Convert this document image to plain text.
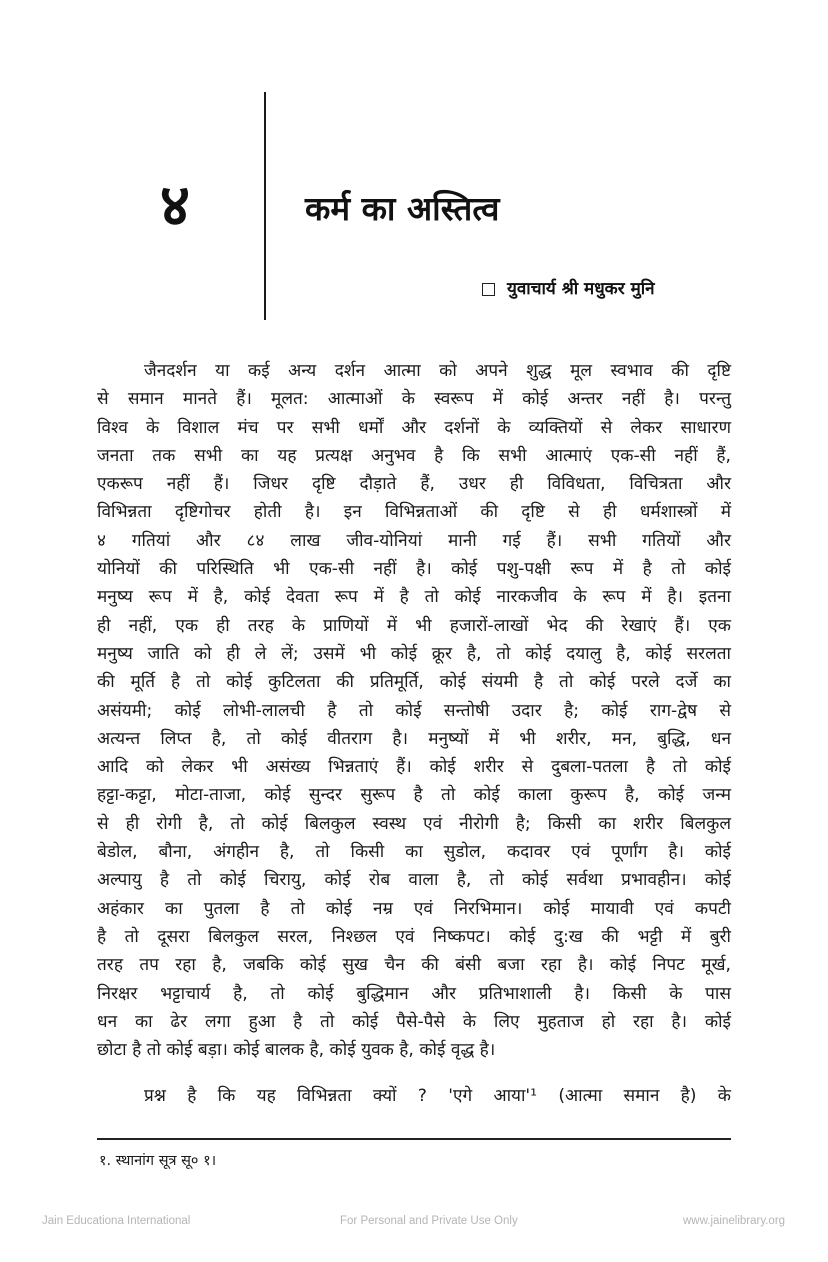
४	कर्म का अस्तित्व
युवाचार्य श्री मधुकर मुनि
जैनदर्शन या कई अन्य दर्शन आत्मा को अपने शुद्ध मूल स्वभाव की दृष्टि
से समान मानते हैं। मूलत: आत्माओं के स्वरूप में कोई अन्तर नहीं है। परन्तु
विश्व के विशाल मंच पर सभी धर्मों और दर्शनों के व्यक्तियों से लेकर साधारण
जनता तक सभी का यह प्रत्यक्ष अनुभव है कि सभी आत्माएं एक-सी नहीं हैं,
एकरूप नहीं हैं। जिधर दृष्टि दौड़ाते हैं, उधर ही विविधता, विचित्रता और
विभिन्नता दृष्टिगोचर होती है। इन विभिन्नताओं की दृष्टि से ही धर्मशास्त्रों में
४ गतियां और ८४ लाख जीव-योनियां मानी गई हैं। सभी गतियों और
योनियों की परिस्थिति भी एक-सी नहीं है। कोई पशु-पक्षी रूप में है तो कोई
मनुष्य रूप में है, कोई देवता रूप में है तो कोई नारकजीव के रूप में है। इतना
ही नहीं, एक ही तरह के प्राणियों में भी हजारों-लाखों भेद की रेखाएं हैं। एक
मनुष्य जाति को ही ले लें; उसमें भी कोई क्रूर है, तो कोई दयालु है, कोई सरलता
की मूर्ति है तो कोई कुटिलता की प्रतिमूर्ति, कोई संयमी है तो कोई परले दर्जे का
असंयमी; कोई लोभी-लालची है तो कोई सन्तोषी उदार है; कोई राग-द्वेष से
अत्यन्त लिप्त है, तो कोई वीतराग है। मनुष्यों में भी शरीर, मन, बुद्धि, धन
आदि को लेकर भी असंख्य भिन्नताएं हैं। कोई शरीर से दुबला-पतला है तो कोई
हट्टा-कट्टा, मोटा-ताजा, कोई सुन्दर सुरूप है तो कोई काला कुरूप है, कोई जन्म
से ही रोगी है, तो कोई बिलकुल स्वस्थ एवं नीरोगी है; किसी का शरीर बिलकुल
बेडोल, बौना, अंगहीन है, तो किसी का सुडोल, कदावर एवं पूर्णांग है। कोई
अल्पायु है तो कोई चिरायु, कोई रोब वाला है, तो कोई सर्वथा प्रभावहीन। कोई
अहंकार का पुतला है तो कोई नम्र एवं निरभिमान। कोई मायावी एवं कपटी
है तो दूसरा बिलकुल सरल, निश्छल एवं निष्कपट। कोई दु:ख की भट्टी में बुरी
तरह तप रहा है, जबकि कोई सुख चैन की बंसी बजा रहा है। कोई निपट मूर्ख,
निरक्षर भट्टाचार्य है, तो कोई बुद्धिमान और प्रतिभाशाली है। किसी के पास
धन का ढेर लगा हुआ है तो कोई पैसे-पैसे के लिए मुहताज हो रहा है। कोई
छोटा है तो कोई बड़ा। कोई बालक है, कोई युवक है, कोई वृद्ध है।
प्रश्न है कि यह विभिन्नता क्यों ? 'एगे आया'¹ (आत्मा समान है) के
१. स्थानांग सूत्र सू० १।
Jain Educationa International	For Personal and Private Use Only	www.jainelibrary.org
